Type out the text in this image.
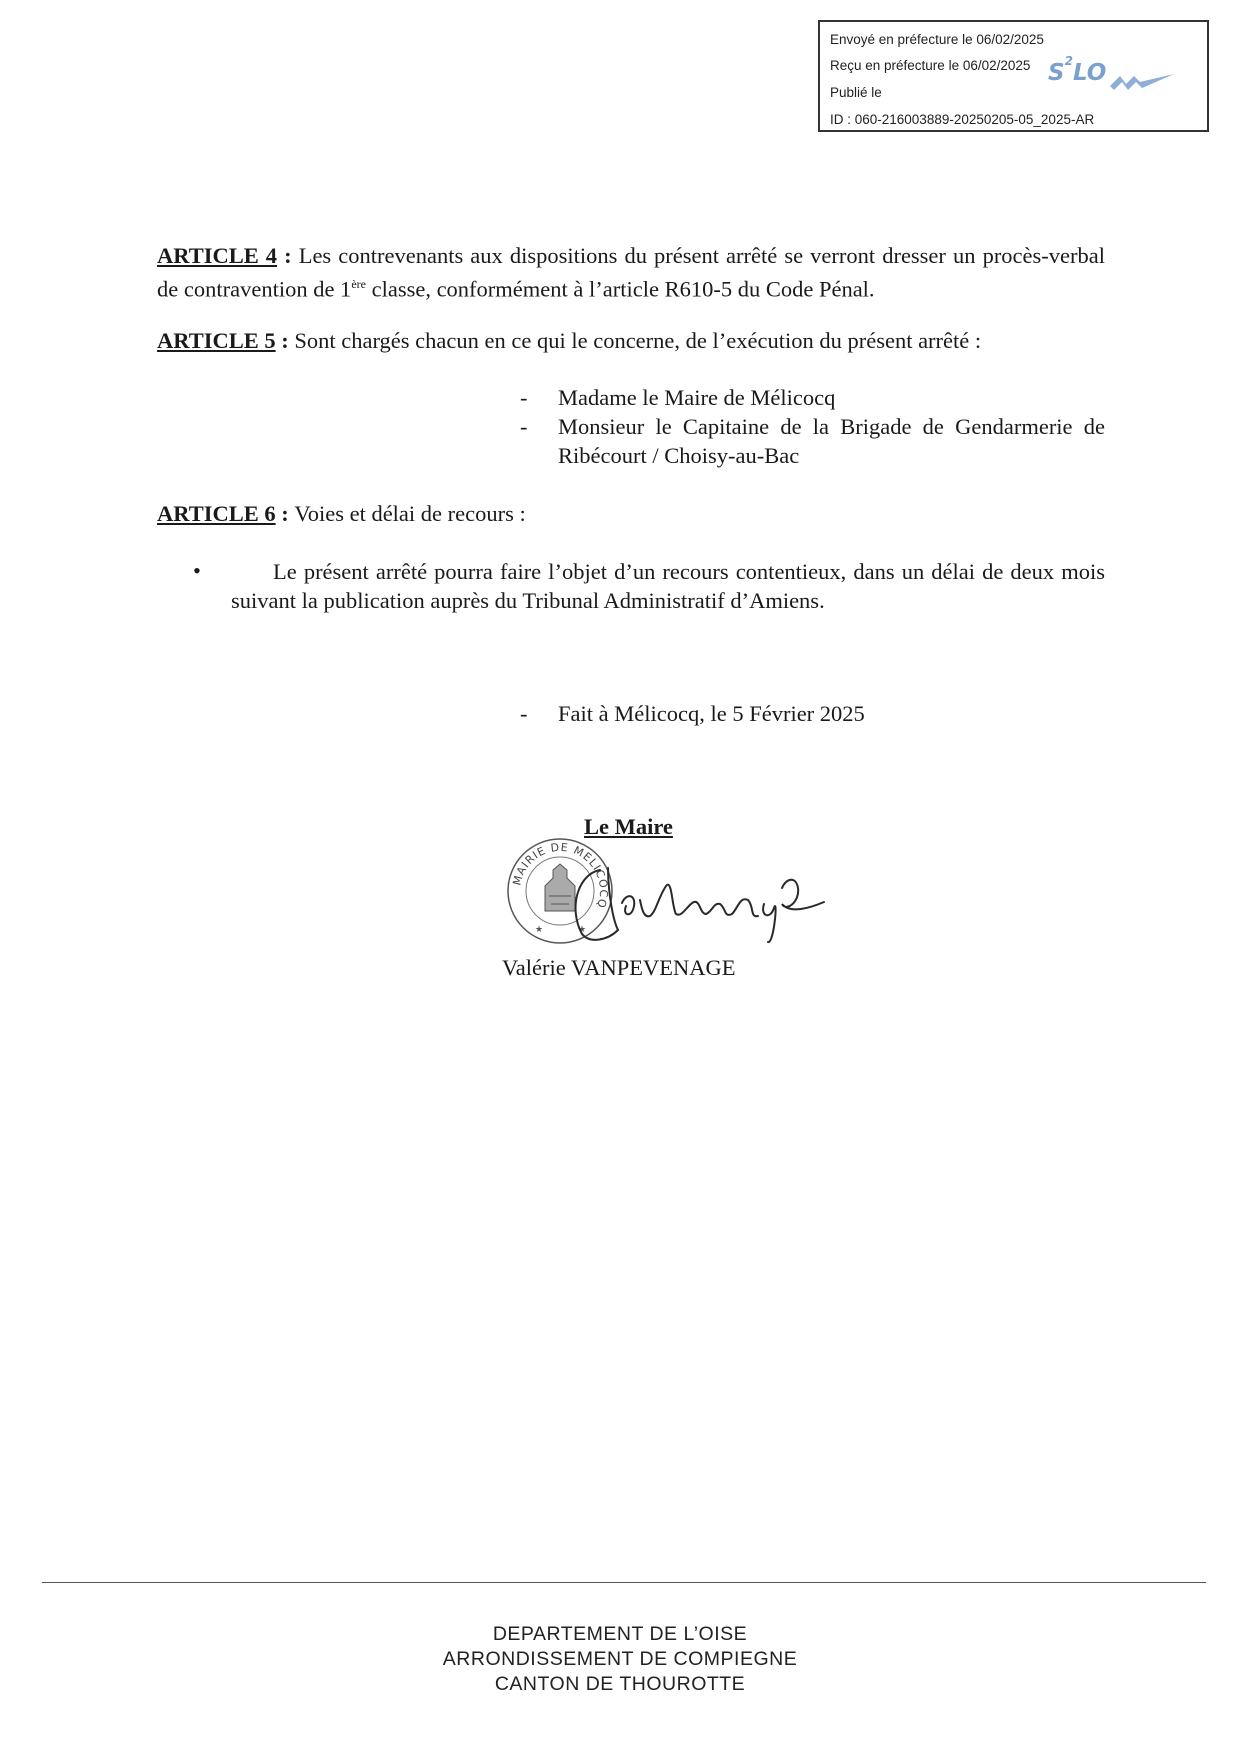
Envoyé en préfecture le 06/02/2025
Reçu en préfecture le 06/02/2025
Publié le
ID : 060-216003889-20250205-05_2025-AR
$S^2LO$
ARTICLE 4 : Les contrevenants aux dispositions du présent arrêté se verront dresser un procès-verbal de contravention de 1ère classe, conformément à l’article R610-5 du Code Pénal.
ARTICLE 5 : Sont chargés chacun en ce qui le concerne, de l’exécution du présent arrêté :
- Madame le Maire de Mélicocq
- Monsieur le Capitaine de la Brigade de Gendarmerie de Ribécourt / Choisy-au-Bac
ARTICLE 6 : Voies et délai de recours :
•	Le présent arrêté pourra faire l’objet d’un recours contentieux, dans un délai de deux mois suivant la publication auprès du Tribunal Administratif d’Amiens.
- Fait à Mélicocq, le 5 Février 2025
Le Maire
MAIRIE DE MELICOCQ
★	★
Valérie VANPEVENAGE
DEPARTEMENT DE L’OISE
ARRONDISSEMENT DE COMPIEGNE
CANTON DE THOUROTTE
